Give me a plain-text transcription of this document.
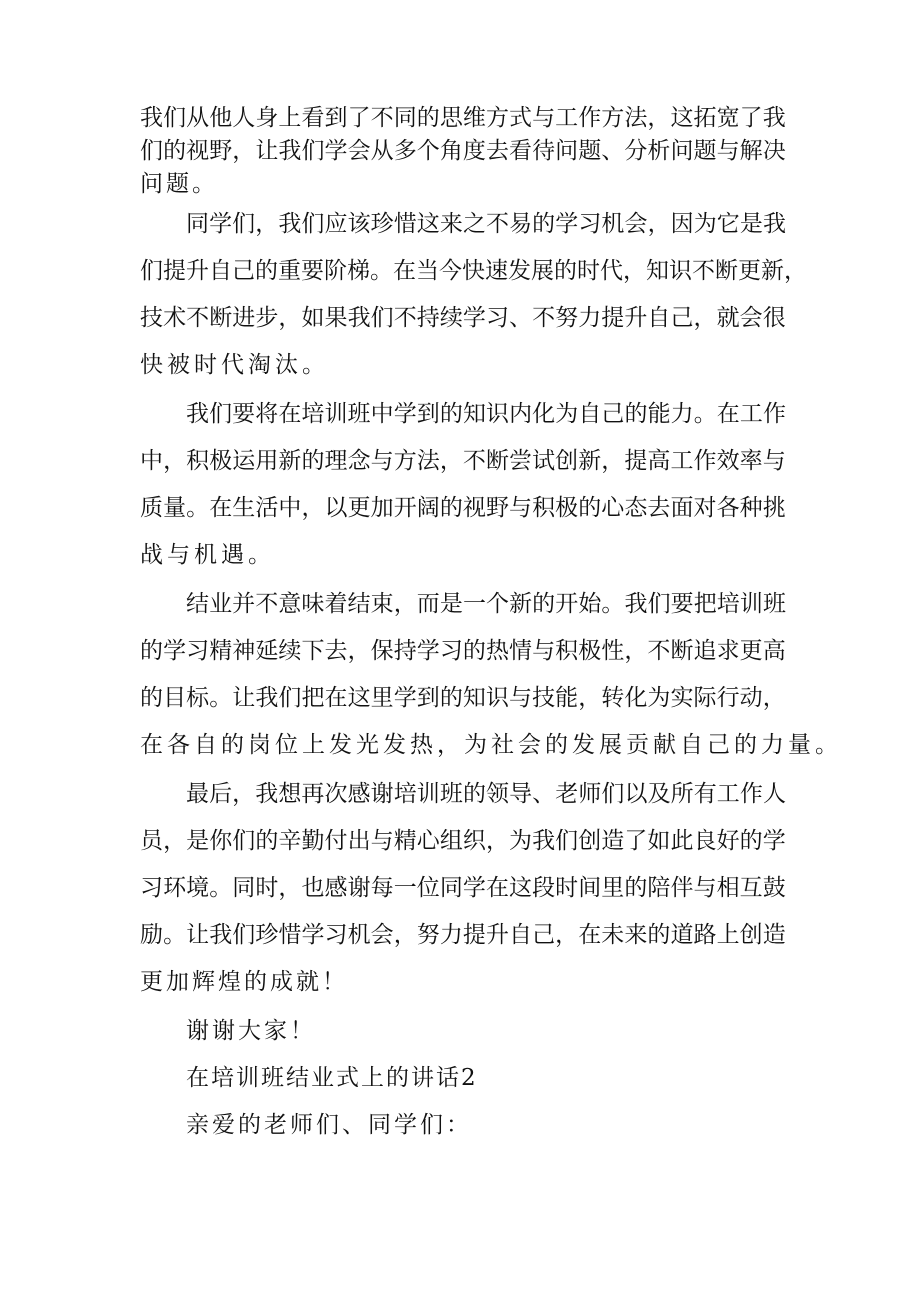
我 们 从 他 人 身 上 看 到 了 不 同 的 思 维 方 式 与 工 作 方 法 ， 这 拓 宽 了 我
们 的 视 野 ， 让 我 们 学 会 从 多 个 角 度 去 看 待 问 题 、 分 析 问 题 与 解 决
问题。
同 学 们 ， 我 们 应 该 珍 惜 这 来 之 不 易 的 学 习 机 会 ， 因 为 它 是 我
们 提 升 自 己 的 重 要 阶 梯 。 在 当 今 快 速 发 展 的 时 代 ， 知 识 不 断 更 新 ，
技 术 不 断 进 步 ， 如 果 我 们 不 持 续 学 习 、 不 努 力 提 升 自 己 ， 就 会 很
快被时代淘汰。
我 们 要 将 在 培 训 班 中 学 到 的 知 识 内 化 为 自 己 的 能 力 。 在 工 作
中 ， 积 极 运 用 新 的 理 念 与 方 法 ， 不 断 尝 试 创 新 ， 提 高 工 作 效 率 与
质 量 。 在 生 活 中 ， 以 更 加 开 阔 的 视 野 与 积 极 的 心 态 去 面 对 各 种 挑
战与机遇。
结 业 并 不 意 味 着 结 束 ， 而 是 一 个 新 的 开 始 。 我 们 要 把 培 训 班
的 学 习 精 神 延 续 下 去 ， 保 持 学 习 的 热 情 与 积 极 性 ， 不 断 追 求 更 高
的 目 标 。 让 我 们 把 在 这 里 学 到 的 知 识 与 技 能 ， 转 化 为 实 际 行 动 ，
在各自的岗位上发光发热，为社会的发展贡献自己的力量。
最 后 ， 我 想 再 次 感 谢 培 训 班 的 领 导 、 老 师 们 以 及 所 有 工 作 人
员 ， 是 你 们 的 辛 勤 付 出 与 精 心 组 织 ， 为 我 们 创 造 了 如 此 良 好 的 学
习 环 境 。 同 时 ， 也 感 谢 每 一 位 同 学 在 这 段 时 间 里 的 陪 伴 与 相 互 鼓
励 。 让 我 们 珍 惜 学 习 机 会 ， 努 力 提 升 自 己 ， 在 未 来 的 道 路 上 创 造
更加辉煌的成就！
谢谢大家！
在培训班结业式上的讲话2
亲爱的老师们、同学们：
